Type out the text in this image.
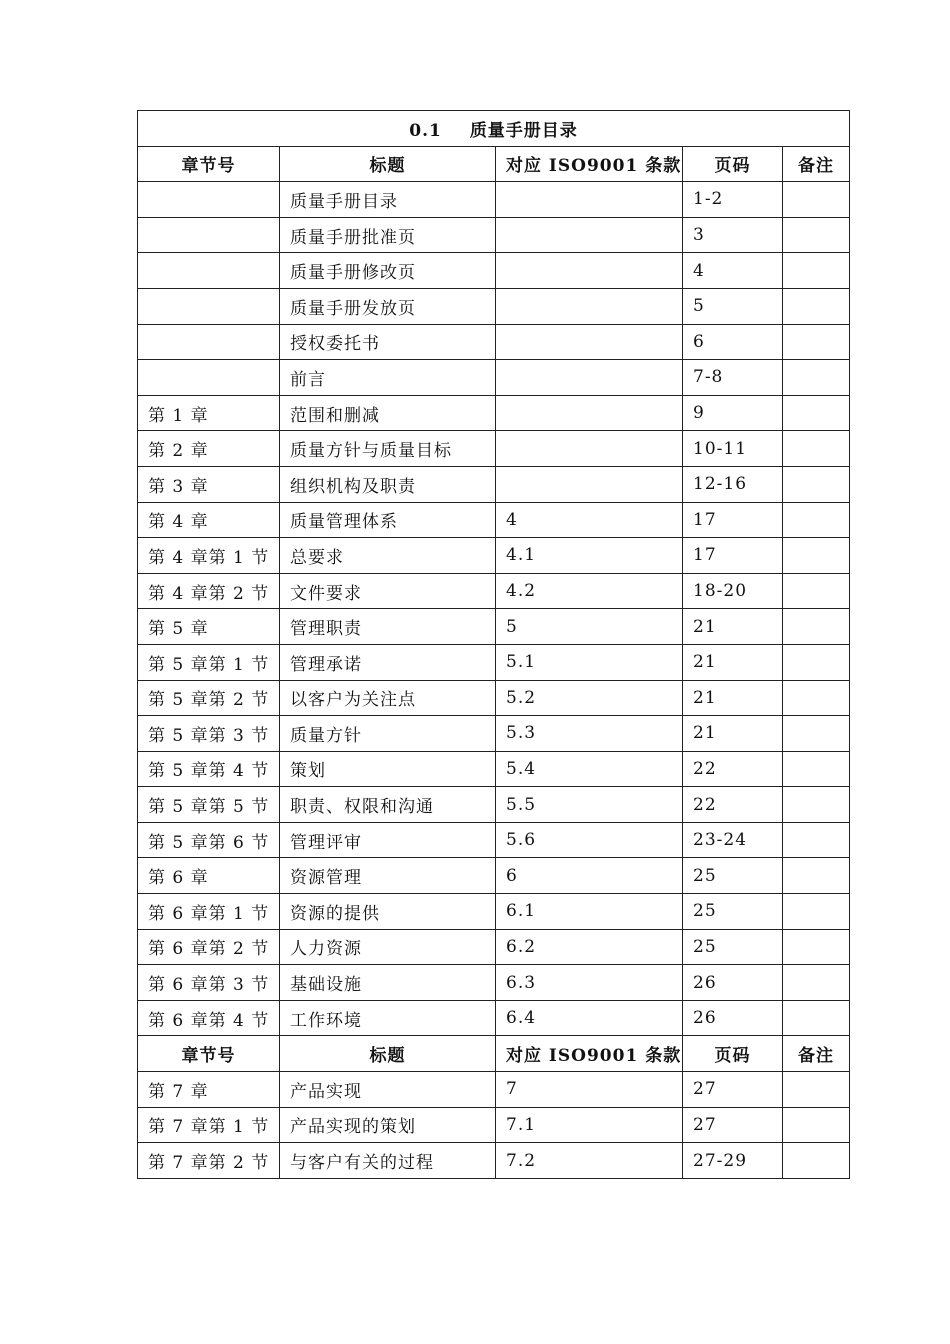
0.1 质量手册目录				
章节号	标题	对应 ISO9001 条款	页码	备注
	质量手册目录		1-2	
	质量手册批准页		3	
	质量手册修改页		4	
	质量手册发放页		5	
	授权委托书		6	
	前言		7-8	
第 1 章	范围和删减		9	
第 2 章	质量方针与质量目标		10-11	
第 3 章	组织机构及职责		12-16	
第 4 章	质量管理体系	4	17	
第 4 章第 1 节	总要求	4.1	17	
第 4 章第 2 节	文件要求	4.2	18-20	
第 5 章	管理职责	5	21	
第 5 章第 1 节	管理承诺	5.1	21	
第 5 章第 2 节	以客户为关注点	5.2	21	
第 5 章第 3 节	质量方针	5.3	21	
第 5 章第 4 节	策划	5.4	22	
第 5 章第 5 节	职责、权限和沟通	5.5	22	
第 5 章第 6 节	管理评审	5.6	23-24	
第 6 章	资源管理	6	25	
第 6 章第 1 节	资源的提供	6.1	25	
第 6 章第 2 节	人力资源	6.2	25	
第 6 章第 3 节	基础设施	6.3	26	
第 6 章第 4 节	工作环境	6.4	26	
章节号	标题	对应 ISO9001 条款	页码	备注
第 7 章	产品实现	7	27	
第 7 章第 1 节	产品实现的策划	7.1	27	
第 7 章第 2 节	与客户有关的过程	7.2	27-29	
